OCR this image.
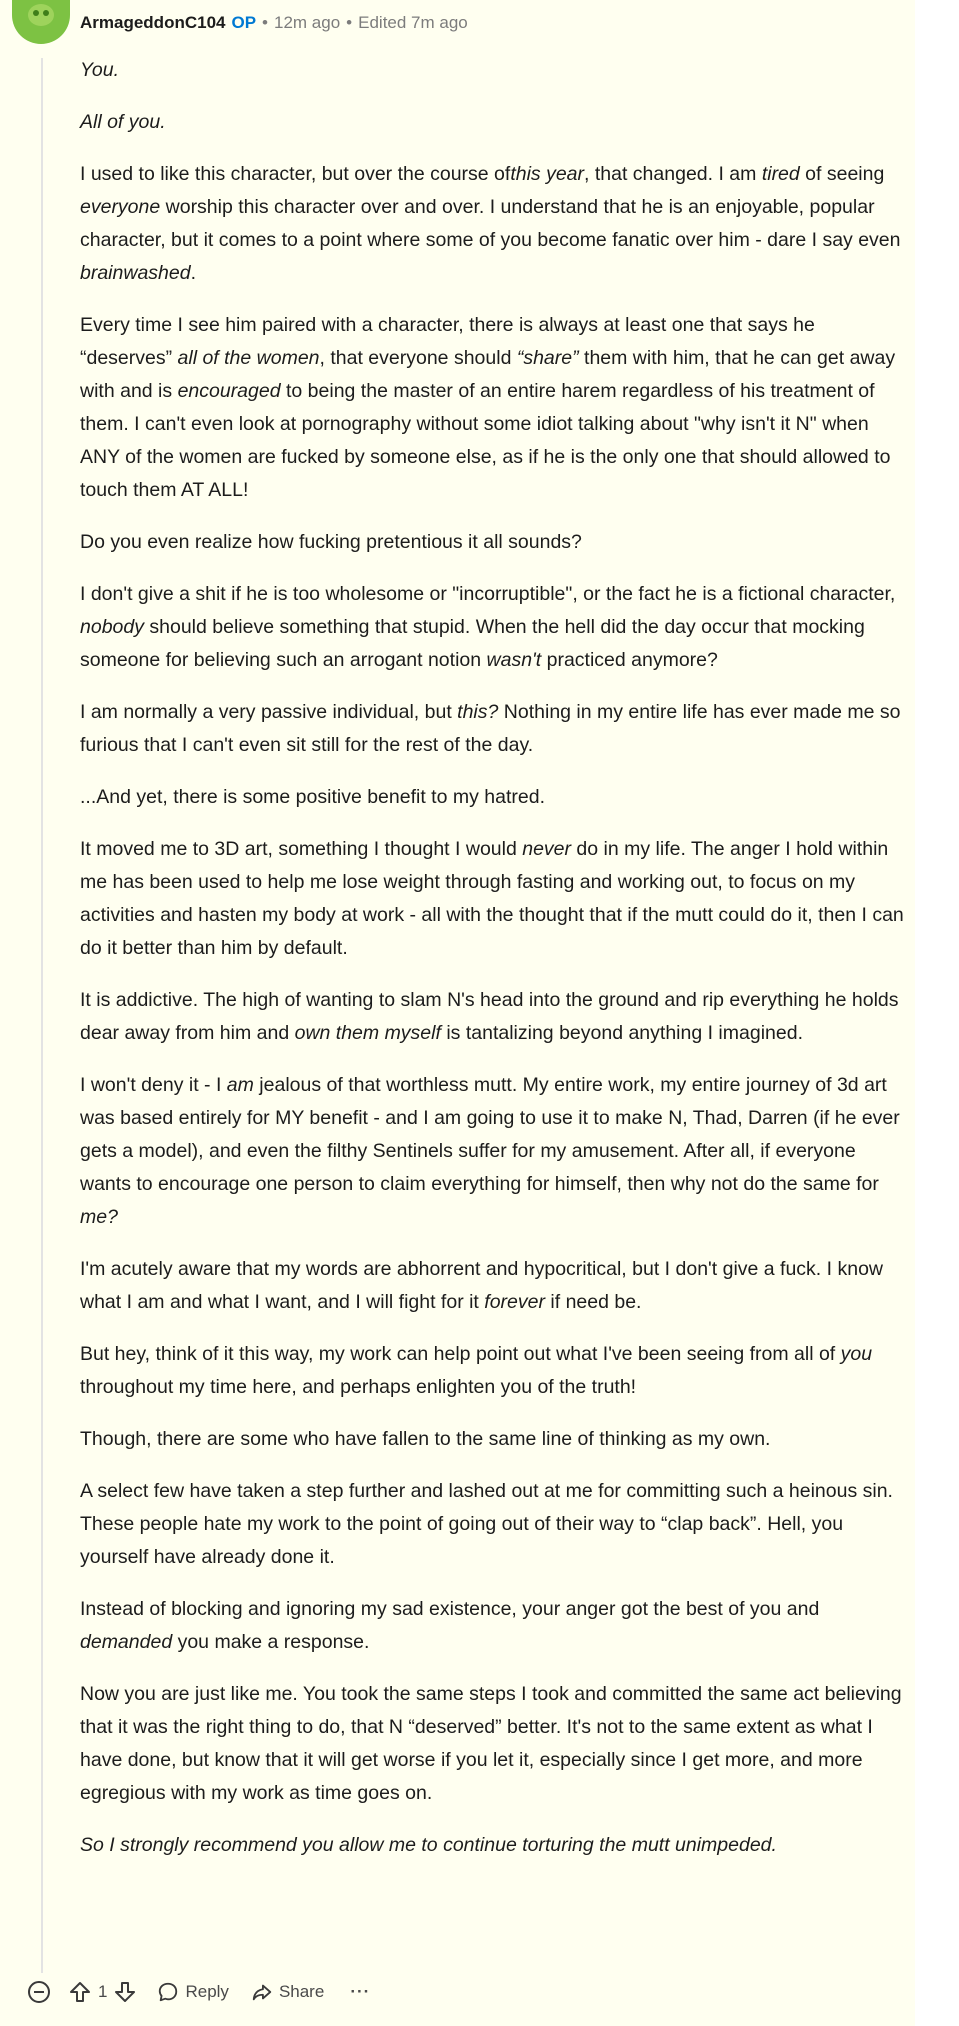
ArmageddonC104 OP • 12m ago • Edited 7m ago

You.

All of you.

I used to like this character, but over the course ofthis year, that changed. I am tired of seeing everyone worship this character over and over. I understand that he is an enjoyable, popular character, but it comes to a point where some of you become fanatic over him - dare I say even brainwashed.

Every time I see him paired with a character, there is always at least one that says he “deserves” all of the women, that everyone should “share” them with him, that he can get away with and is encouraged to being the master of an entire harem regardless of his treatment of them. I can't even look at pornography without some idiot talking about "why isn't it N" when ANY of the women are fucked by someone else, as if he is the only one that should allowed to touch them AT ALL!

Do you even realize how fucking pretentious it all sounds?

I don't give a shit if he is too wholesome or "incorruptible", or the fact he is a fictional character, nobody should believe something that stupid. When the hell did the day occur that mocking someone for believing such an arrogant notion wasn't practiced anymore?

I am normally a very passive individual, but this? Nothing in my entire life has ever made me so furious that I can't even sit still for the rest of the day.

...And yet, there is some positive benefit to my hatred.

It moved me to 3D art, something I thought I would never do in my life. The anger I hold within me has been used to help me lose weight through fasting and working out, to focus on my activities and hasten my body at work - all with the thought that if the mutt could do it, then I can do it better than him by default.

It is addictive. The high of wanting to slam N's head into the ground and rip everything he holds dear away from him and own them myself is tantalizing beyond anything I imagined.

I won't deny it - I am jealous of that worthless mutt. My entire work, my entire journey of 3d art was based entirely for MY benefit - and I am going to use it to make N, Thad, Darren (if he ever gets a model), and even the filthy Sentinels suffer for my amusement. After all, if everyone wants to encourage one person to claim everything for himself, then why not do the same for me?

I'm acutely aware that my words are abhorrent and hypocritical, but I don't give a fuck. I know what I am and what I want, and I will fight for it forever if need be.

But hey, think of it this way, my work can help point out what I've been seeing from all of you throughout my time here, and perhaps enlighten you of the truth!

Though, there are some who have fallen to the same line of thinking as my own.

A select few have taken a step further and lashed out at me for committing such a heinous sin. These people hate my work to the point of going out of their way to “clap back”. Hell, you yourself have already done it.

Instead of blocking and ignoring my sad existence, your anger got the best of you and demanded you make a response.

Now you are just like me. You took the same steps I took and committed the same act believing that it was the right thing to do, that N “deserved” better. It's not to the same extent as what I have done, but know that it will get worse if you let it, especially since I get more, and more egregious with my work as time goes on.

So I strongly recommend you allow me to continue torturing the mutt unimpeded.

1	Reply	Share ···
